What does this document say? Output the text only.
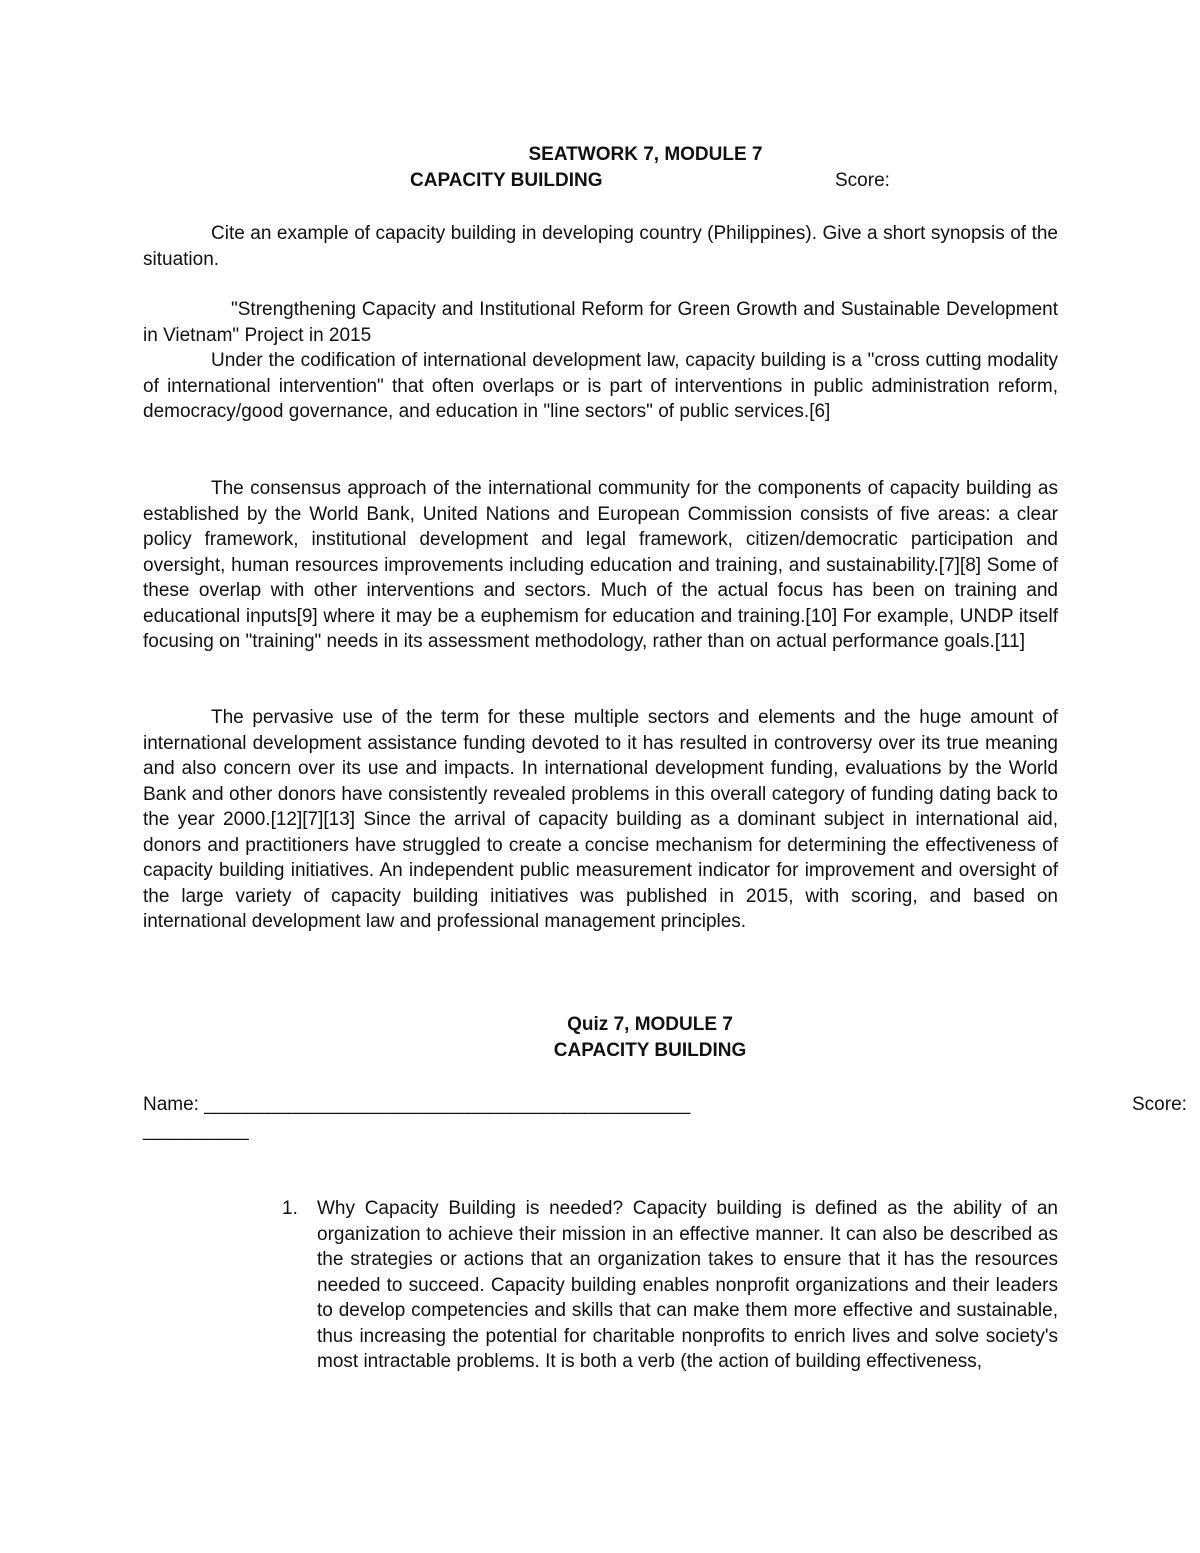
SEATWORK 7, MODULE 7
CAPACITY BUILDING	Score:
Cite an example of capacity building in developing country (Philippines). Give a short synopsis of the situation.
"Strengthening Capacity and Institutional Reform for Green Growth and Sustainable Development in Vietnam" Project in 2015
Under the codification of international development law, capacity building is a "cross cutting modality of international intervention" that often overlaps or is part of interventions in public administration reform, democracy/good governance, and education in "line sectors" of public services.[6]
The consensus approach of the international community for the components of capacity building as established by the World Bank, United Nations and European Commission consists of five areas: a clear policy framework, institutional development and legal framework, citizen/democratic participation and oversight, human resources improvements including education and training, and sustainability.[7][8] Some of these overlap with other interventions and sectors. Much of the actual focus has been on training and educational inputs[9] where it may be a euphemism for education and training.[10] For example, UNDP itself focusing on "training" needs in its assessment methodology, rather than on actual performance goals.[11]
The pervasive use of the term for these multiple sectors and elements and the huge amount of international development assistance funding devoted to it has resulted in controversy over its true meaning and also concern over its use and impacts. In international development funding, evaluations by the World Bank and other donors have consistently revealed problems in this overall category of funding dating back to the year 2000.[12][7][13] Since the arrival of capacity building as a dominant subject in international aid, donors and practitioners have struggled to create a concise mechanism for determining the effectiveness of capacity building initiatives. An independent public measurement indicator for improvement and oversight of the large variety of capacity building initiatives was published in 2015, with scoring, and based on international development law and professional management principles.
Quiz 7, MODULE 7
CAPACITY BUILDING
Name: ______________________________________________	Score:
__________
1. Why Capacity Building is needed? Capacity building is defined as the ability of an organization to achieve their mission in an effective manner. It can also be described as the strategies or actions that an organization takes to ensure that it has the resources needed to succeed. Capacity building enables nonprofit organizations and their leaders to develop competencies and skills that can make them more effective and sustainable, thus increasing the potential for charitable nonprofits to enrich lives and solve society's most intractable problems. It is both a verb (the action of building effectiveness,
